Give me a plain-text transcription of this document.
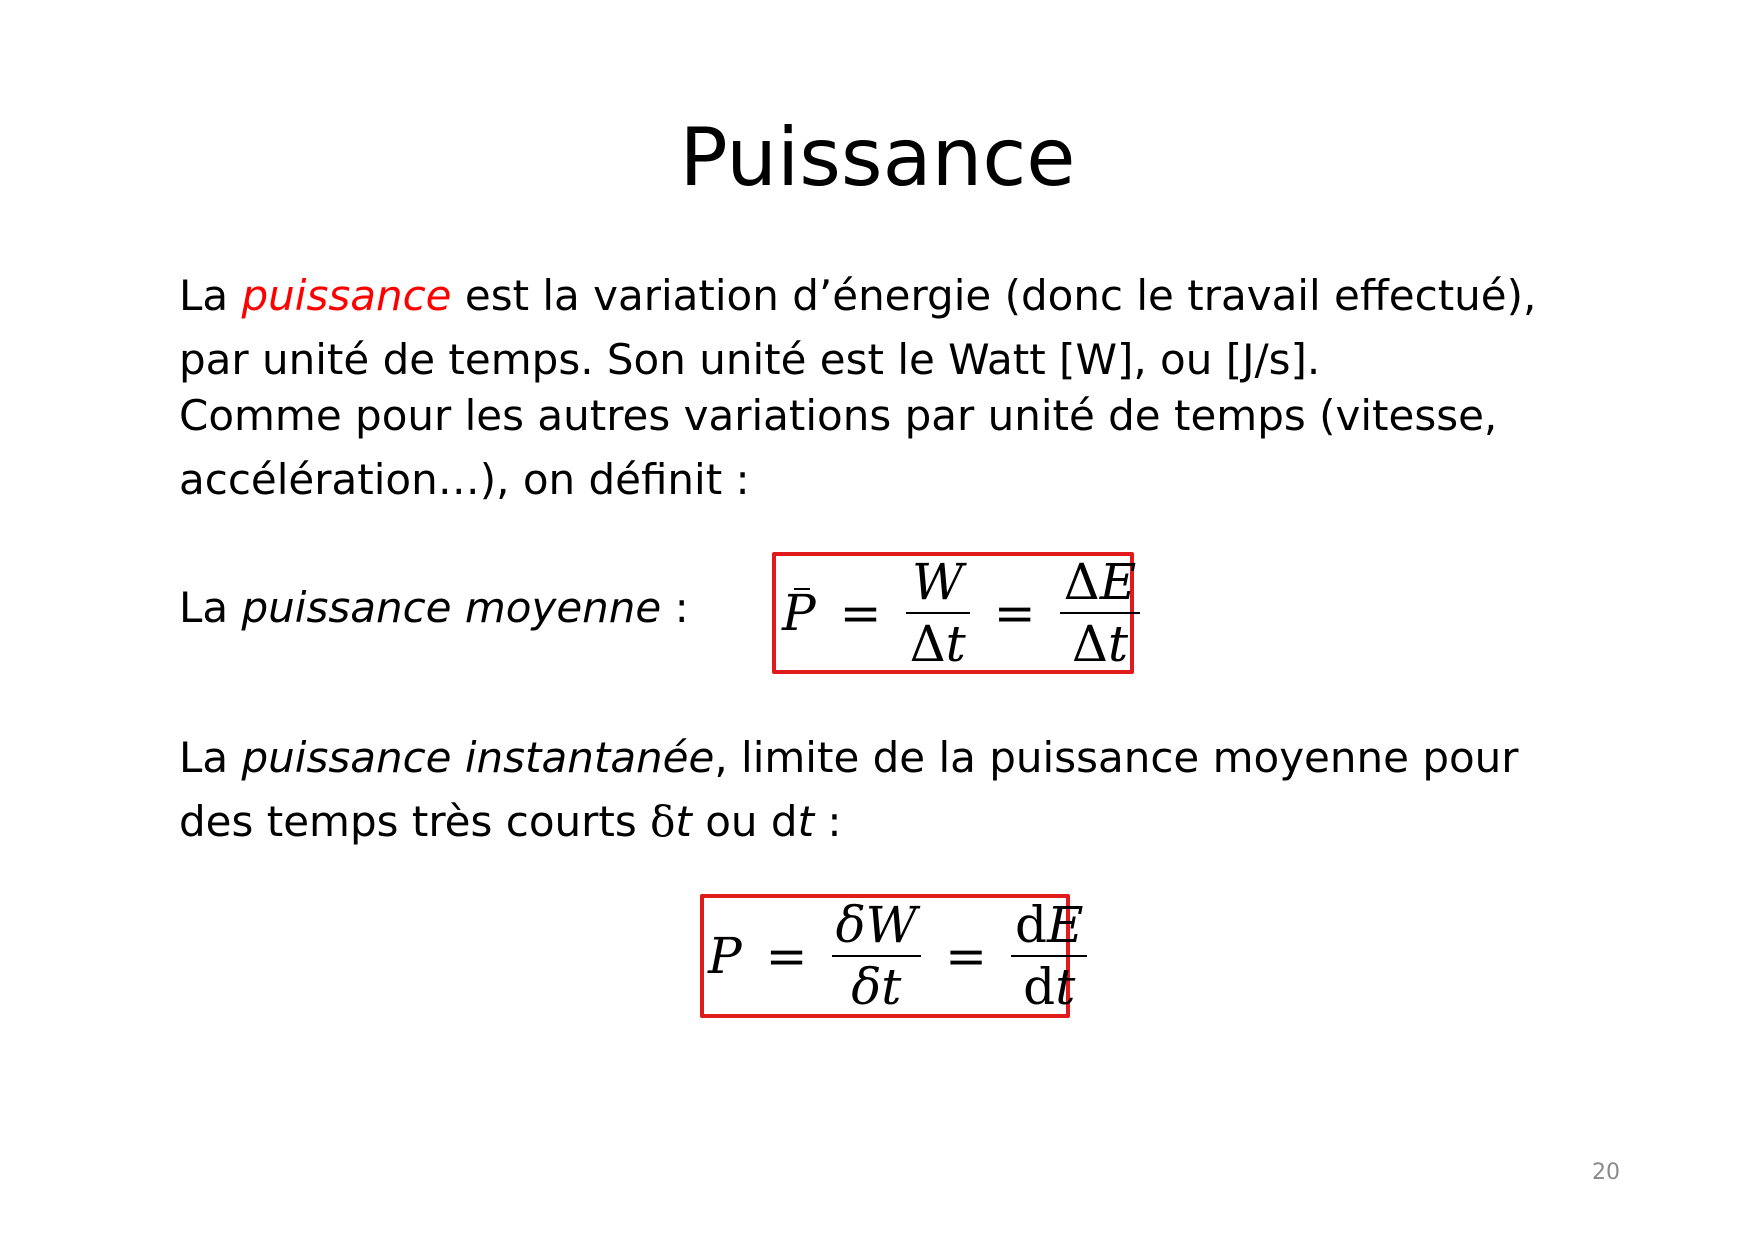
Puissance
La puissance est la variation d’énergie (donc le travail effectué),
par unité de temps. Son unité est le Watt [W], ou [J/s].
Comme pour les autres variations par unité de temps (vitesse,
accélération…), on définit :
La puissance moyenne :	$P = \frac{W}{\Delta t} = \frac{\Delta E}{\Delta t}$
La puissance instantanée, limite de la puissance moyenne pour
des temps très courts δt ou dt :
$P = \frac{\delta W}{\delta t} = \frac{dE}{dt}$
20
